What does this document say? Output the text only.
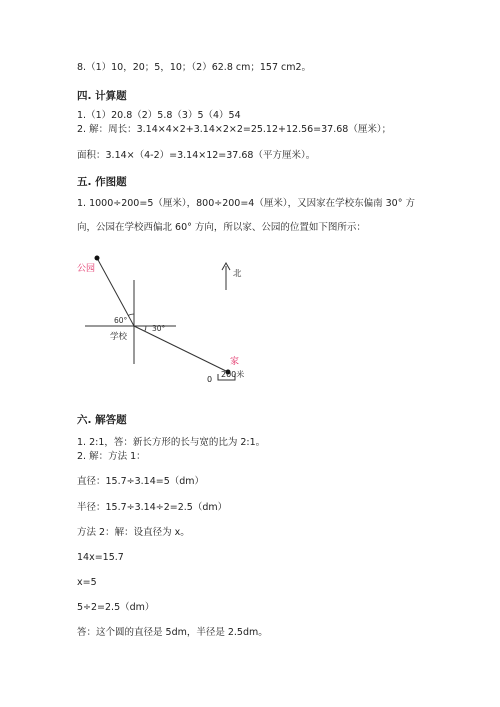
8.（1）10，20；5，10；（2）62.8 cm；157 cm2。
四. 计算题
1.（1）20.8（2）5.8（3）5（4）54
2. 解：周长：3.14×4×2+3.14×2×2=25.12+12.56=37.68（厘米）；
面积：3.14×（4-2）=3.14×12=37.68（平方厘米）。
五. 作图题
1. 1000÷200=5（厘米），800÷200=4（厘米），又因家在学校东偏南 30° 方
向，公园在学校西偏北 60° 方向，所以家、公园的位置如下图所示：
公园
60°
30°
学校
北
家
0
200米
六. 解答题
1. 2:1，答：新长方形的长与宽的比为 2:1。
2. 解：方法 1：
直径：15.7÷3.14=5（dm）
半径：15.7÷3.14÷2=2.5（dm）
方法 2：解：设直径为 x。
14x=15.7
x=5
5÷2=2.5（dm）
答：这个圆的直径是 5dm，半径是 2.5dm。
